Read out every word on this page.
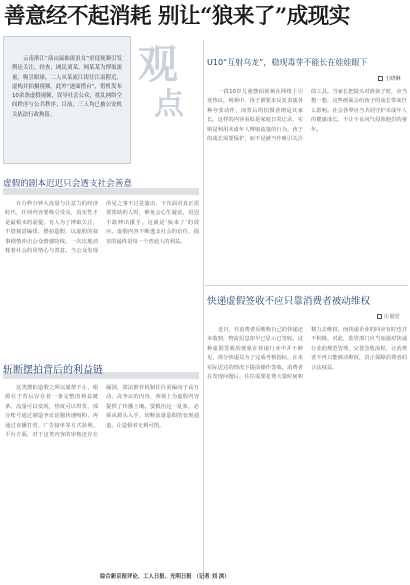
善意经不起消耗 别让“狼来了”成现实
云南浙江“演山鼠抽流浪女”虐侵视频引发舆论关注。经查，网民刘某、网某某为博取流量、吸引眼球，二人从某流江街往江南附近，虚构并拍摄视频，此外“逐面搭台”，借机发布10余条虚假视频，误导社会公众，扰乱网络空间秩序与公共秩序。目前，三人均已被公安机关依法行政拘留。
观
点
虚假的剧本迟迟只会透支社会善意
在分秒分钟大流量与注意力的经济时代，任何内容要吸引受众，真实性才是最根本的前提。有人为了博取关注，不惜刻意编排、摆拍造假，以虚假的叙事剧情冲击公众情感防线，一次次地消耗着社会的同情心与善意。当公众发现所见之事不过是演出，下次面对真正需要帮助的人时，难免会心生疑虑，迟迟不敢伸出援手。这就是‘狼来了’的效应。虚假内容不断透支社会的信任，损害的最终是每一个普通人的利益。
斩断摆拍背后的利益链
这类摆拍造假之所以屡禁不止，根源在于背后存在着一条完整的利益链条。流量可以变现，热度可以带货，部分账号通过制造争议话题快速吸粉，再通过直播打赏、广告接单等方式获利。平台方面，对于这类内容的审核还存在漏洞，算法推荐机制往往更偏向于高互动、高争议的内容，客观上为虚假内容提供了传播土壤。要根治这一乱象，必须从源头入手，切断流量造假的变现通道，让造假者无利可图。
综合新京报评论、工人日报、光明日报 （记者 刘 滨）
U10“互射乌龙”，稳现毒芽不能长在娃娃眼下
王晓琳
一段10岁儿童摆拍视频在网络上引发热议。视频中，孩子被要求反复表演各种夸张动作，而背后的拍摄者则是其家长。这样的内容看似是家庭日常记录，实则是利用未成年人博取流量的行为。孩子的成长需要保护，而不是被当作吸引关注的工具。当家长把镜头对准孩子时，应当想一想，这些画面会给孩子的成长带来什么影响。社会各界应当共同守护未成年人的健康成长，不让不良风气侵蚀他们的童年。
快递虚假签收不应只靠消费者被动维权
庄展堂
近日，有消费者反映称自己的快递还未收到，物流信息却早已显示已签收。这种虚假签收的现象在快递行业中并不鲜见，部分快递员为了完成考核指标，在未实际送达的情况下提前操作签收。消费者在发现问题后，往往需要花费大量时间和精力去维权，而快递企业的回应有时也并不积极。对此，监管部门应当加强对快递行业的规范管理，完善签收流程，让消费者不再只能被动维权，真正保障消费者的合法权益。
